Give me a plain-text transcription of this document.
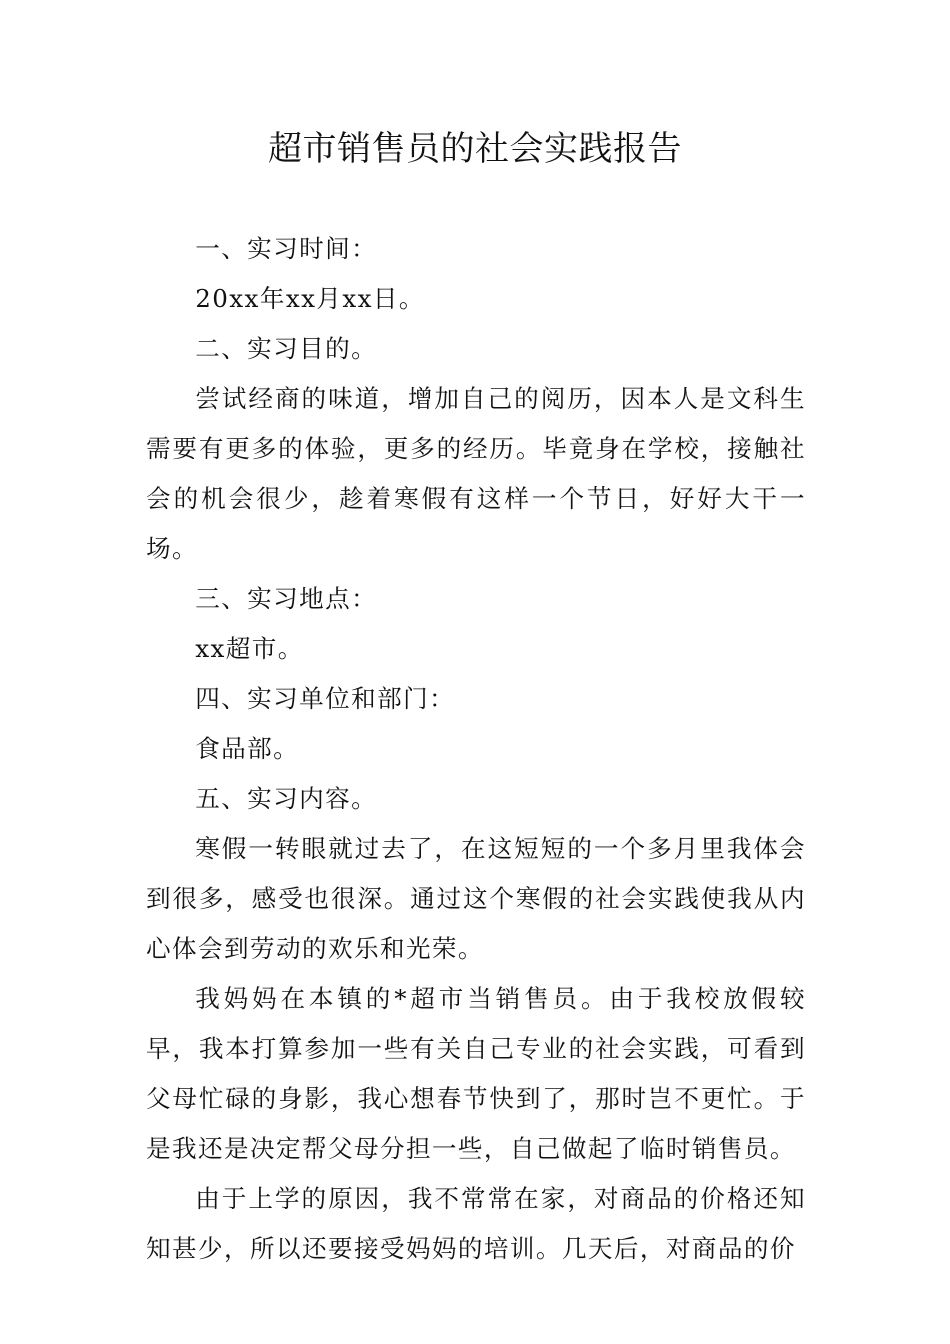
超市销售员的社会实践报告

一、实习时间：

20xx年xx月xx日。

二、实习目的。

尝试经商的味道，增加自己的阅历，因本人是文科生需要有更多的体验，更多的经历。毕竟身在学校，接触社会的机会很少，趁着寒假有这样一个节日，好好大干一场。

三、实习地点：

xx超市。

四、实习单位和部门：

食品部。

五、实习内容。

寒假一转眼就过去了，在这短短的一个多月里我体会到很多，感受也很深。通过这个寒假的社会实践使我从内心体会到劳动的欢乐和光荣。

我妈妈在本镇的*超市当销售员。由于我校放假较早，我本打算参加一些有关自己专业的社会实践，可看到父母忙碌的身影，我心想春节快到了，那时岂不更忙。于是我还是决定帮父母分担一些，自己做起了临时销售员。

由于上学的原因，我不常常在家，对商品的价格还知知甚少，所以还要接受妈妈的培训。几天后，对商品的价
